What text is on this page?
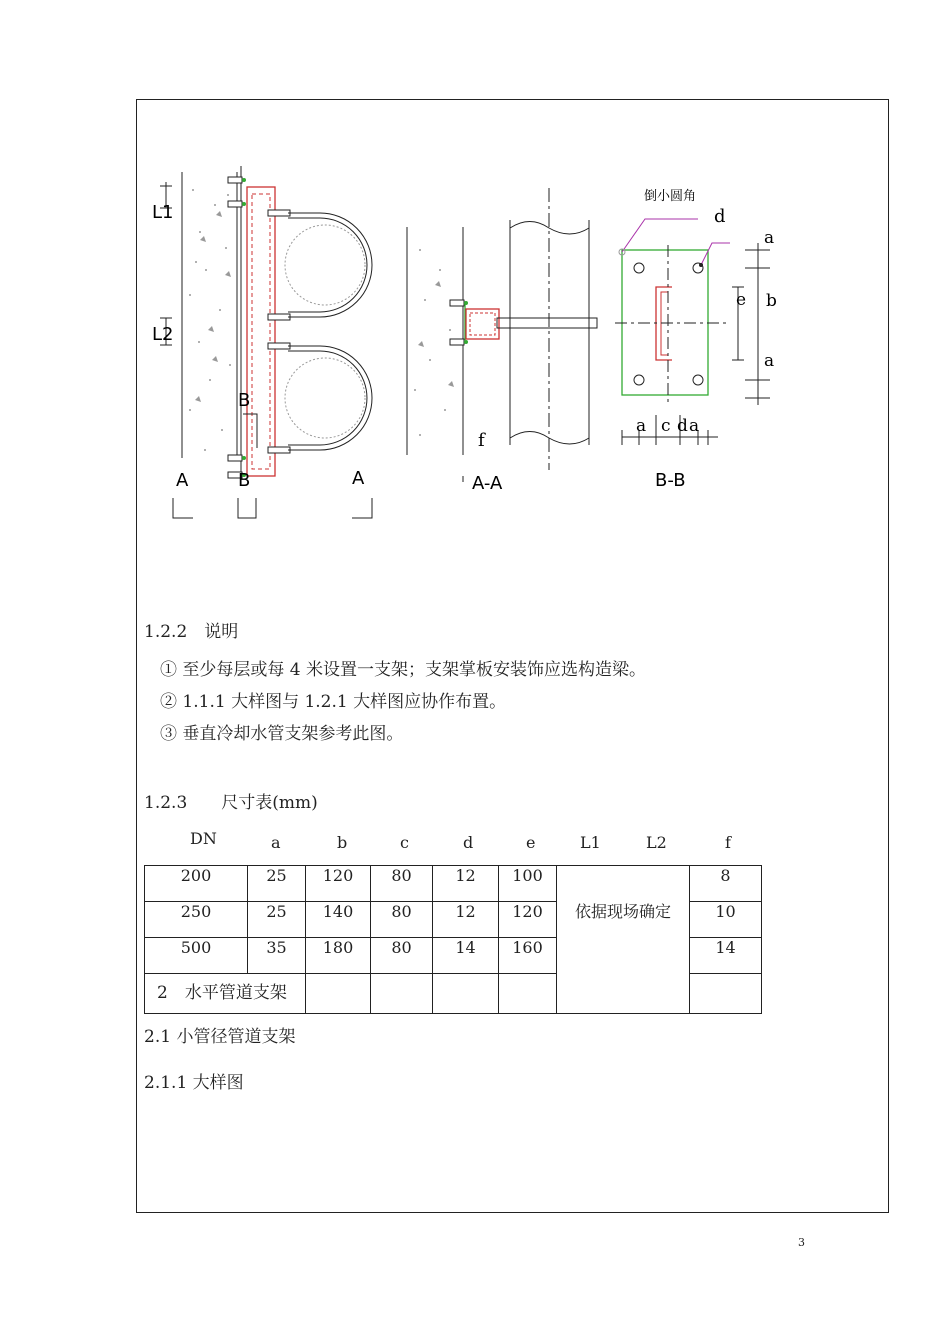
L1
L2
B
A	B	A	A-A	B-B
f
倒小圆角
d
a
b
e
a
a c d a
1.2.2　说明
① 至少每层或每 4 米设置一支架；支架掌板安装饰应选构造梁。
② 1.1.1 大样图与 1.2.1 大样图应协作布置。
③ 垂直冷却水管支架参考此图。
1.2.3　　尺寸表(mm)
DN	a	b	c	d	e	L1	L2	f
200	25	120	80	12	100	依据现场确定	8
250	25	140	80	12	120		10
500	35	180	80	14	160		14
2　水平管道支架							
2.1 小管径管道支架
2.1.1 大样图
3
